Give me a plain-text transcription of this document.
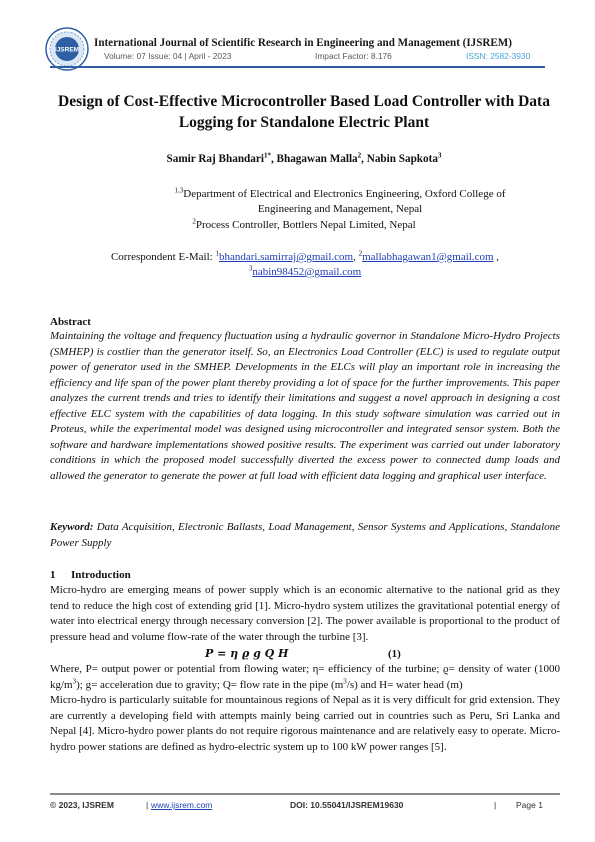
IJSREM
International Journal of Scientific Research in Engineering and Management (IJSREM)
Volume: 07 Issue: 04 | April - 2023	Impact Factor: 8.176	ISSN: 2582-3930
Design of Cost-Effective Microcontroller Based Load Controller with Data Logging for Standalone Electric Plant
Samir Raj Bhandari$^{1*}$, Bhagawan Malla$^2$, Nabin Sapkota$^3$
$^{1,3}$Department of Electrical and Electronics Engineering, Oxford College of Engineering and Management, Nepal
$^2$Process Controller, Bottlers Nepal Limited, Nepal
Correspondent E-Mail: $^1$bhandari.samirraj@gmail.com, $^2$mallabhagawan1@gmail.com ,
$^3$nabin98452@gmail.com
Abstract
Maintaining the voltage and frequency fluctuation using a hydraulic governor in Standalone Micro-Hydro Projects (SMHEP) is costlier than the generator itself. So, an Electronics Load Controller (ELC) is used to regulate output power of generator used in the SMHEP. Developments in the ELCs will play an important role in increasing the efficiency and life span of the power plant thereby providing a lot of space for the further improvements. This paper analyzes the current trends and tries to identify their limitations and suggest a novel approach in designing a cost effective ELC system with the capabilities of data logging. In this study software simulation was carried out in Proteus, while the experimental model was designed using microcontroller and integrated sensor system. Both the software and hardware implementations showed positive results. The experiment was carried out under laboratory conditions in which the proposed model successfully diverted the excess power to connected dump loads and allowed the generator to generate the power at full load with efficient data logging and graphical user interface.
Keyword: Data Acquisition, Electronic Ballasts, Load Management, Sensor Systems and Applications, Standalone Power Supply
1 Introduction
Micro-hydro are emerging means of power supply which is an economic alternative to the national grid as they tend to reduce the high cost of extending grid [1]. Micro-hydro system utilizes the gravitational potential energy of water into electrical energy through necessary conversion [2]. The power available is proportional to the product of pressure head and volume flow-rate of the water through the turbine [3].
P = η ϱ g Q H	(1)
Where, P= output power or potential from flowing water; η= efficiency of the turbine; ϱ= density of water (1000 $kg/m^3$); g= acceleration due to gravity; Q= flow rate in the pipe $(m^3/s)$ and H= water head (m)
Micro-hydro is particularly suitable for mountainous regions of Nepal as it is very difficult for grid extension. They are currently a developing field with attempts mainly being carried out in countries such as Peru, Sri Lanka and Nepal [4]. Micro-hydro power plants do not require rigorous maintenance and are relatively easy to operate. Micro-hydro power stations are defined as hydro-electric system up to 100 kW power ranges [5].
© 2023, IJSREM	| www.ijsrem.com	DOI: 10.55041/IJSREM19630	| Page 1
